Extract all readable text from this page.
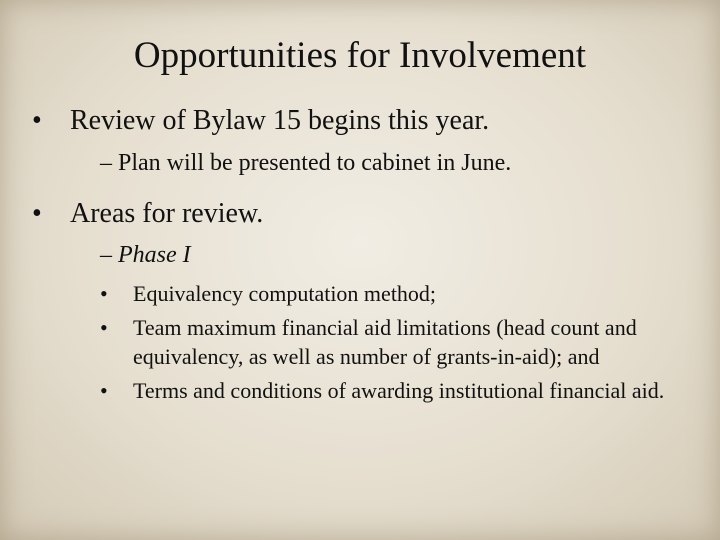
Opportunities for Involvement
• Review of Bylaw 15 begins this year.
– Plan will be presented to cabinet in June.
• Areas for review.
– Phase I
• Equivalency computation method;
• Team maximum financial aid limitations (head count and equivalency, as well as number of grants-in-aid); and
• Terms and conditions of awarding institutional financial aid.
